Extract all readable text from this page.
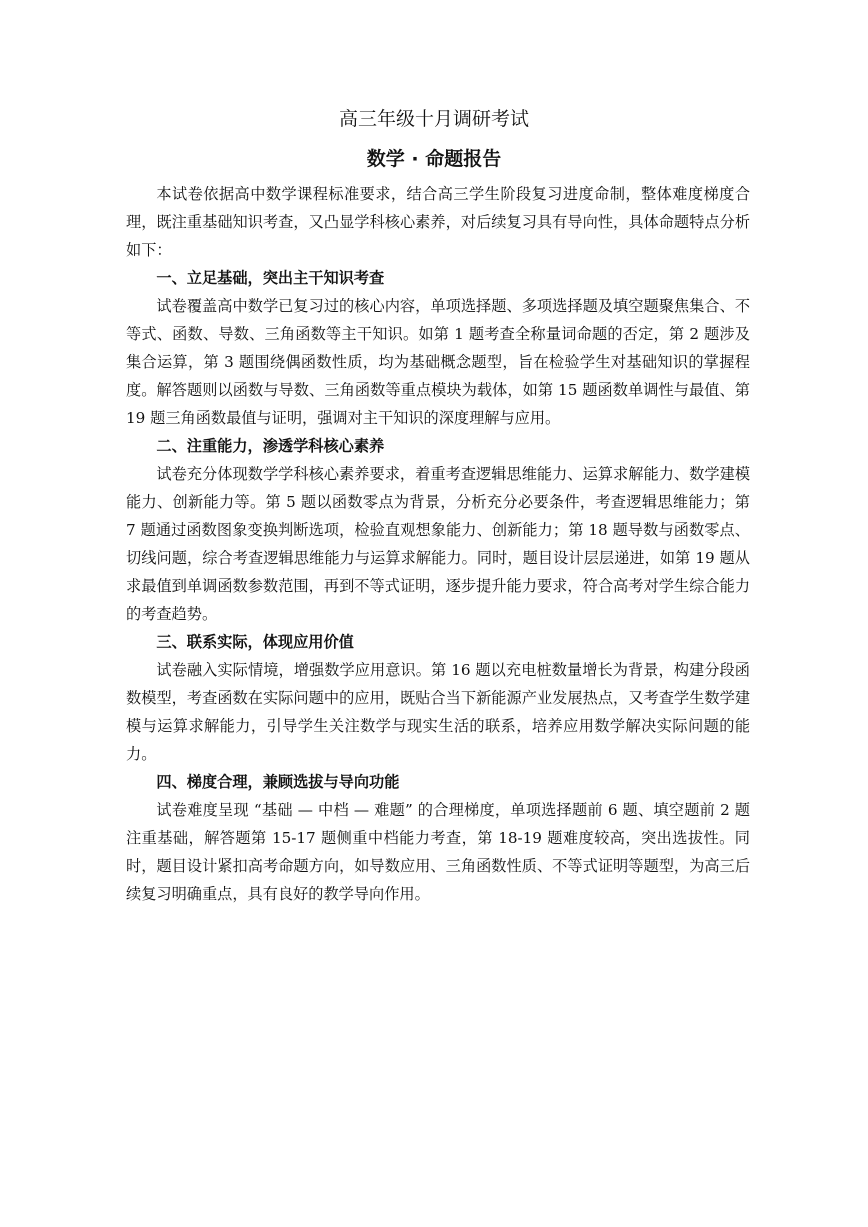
高三年级十月调研考试
数学 · 命题报告

本试卷依据高中数学课程标准要求，结合高三学生阶段复习进度命制，整体难度梯度合理，既注重基础知识考查，又凸显学科核心素养，对后续复习具有导向性，具体命题特点分析如下：

一、立足基础，突出主干知识考查

试卷覆盖高中数学已复习过的核心内容，单项选择题、多项选择题及填空题聚焦集合、不等式、函数、导数、三角函数等主干知识。如第 1 题考查全称量词命题的否定，第 2 题涉及集合运算，第 3 题围绕偶函数性质，均为基础概念题型，旨在检验学生对基础知识的掌握程度。解答题则以函数与导数、三角函数等重点模块为载体，如第 15 题函数单调性与最值、第 19 题三角函数最值与证明，强调对主干知识的深度理解与应用。

二、注重能力，渗透学科核心素养

试卷充分体现数学学科核心素养要求，着重考查逻辑思维能力、运算求解能力、数学建模能力、创新能力等。第 5 题以函数零点为背景，分析充分必要条件，考查逻辑思维能力；第 7 题通过函数图象变换判断选项，检验直观想象能力、创新能力；第 18 题导数与函数零点、切线问题，综合考查逻辑思维能力与运算求解能力。同时，题目设计层层递进，如第 19 题从求最值到单调函数参数范围，再到不等式证明，逐步提升能力要求，符合高考对学生综合能力的考查趋势。

三、联系实际，体现应用价值

试卷融入实际情境，增强数学应用意识。第 16 题以充电桩数量增长为背景，构建分段函数模型，考查函数在实际问题中的应用，既贴合当下新能源产业发展热点，又考查学生数学建模与运算求解能力，引导学生关注数学与现实生活的联系，培养应用数学解决实际问题的能力。

四、梯度合理，兼顾选拔与导向功能

试卷难度呈现 “基础 — 中档 — 难题” 的合理梯度，单项选择题前 6 题、填空题前 2 题注重基础，解答题第 15-17 题侧重中档能力考查，第 18-19 题难度较高，突出选拔性。同时，题目设计紧扣高考命题方向，如导数应用、三角函数性质、不等式证明等题型，为高三后续复习明确重点，具有良好的教学导向作用。
